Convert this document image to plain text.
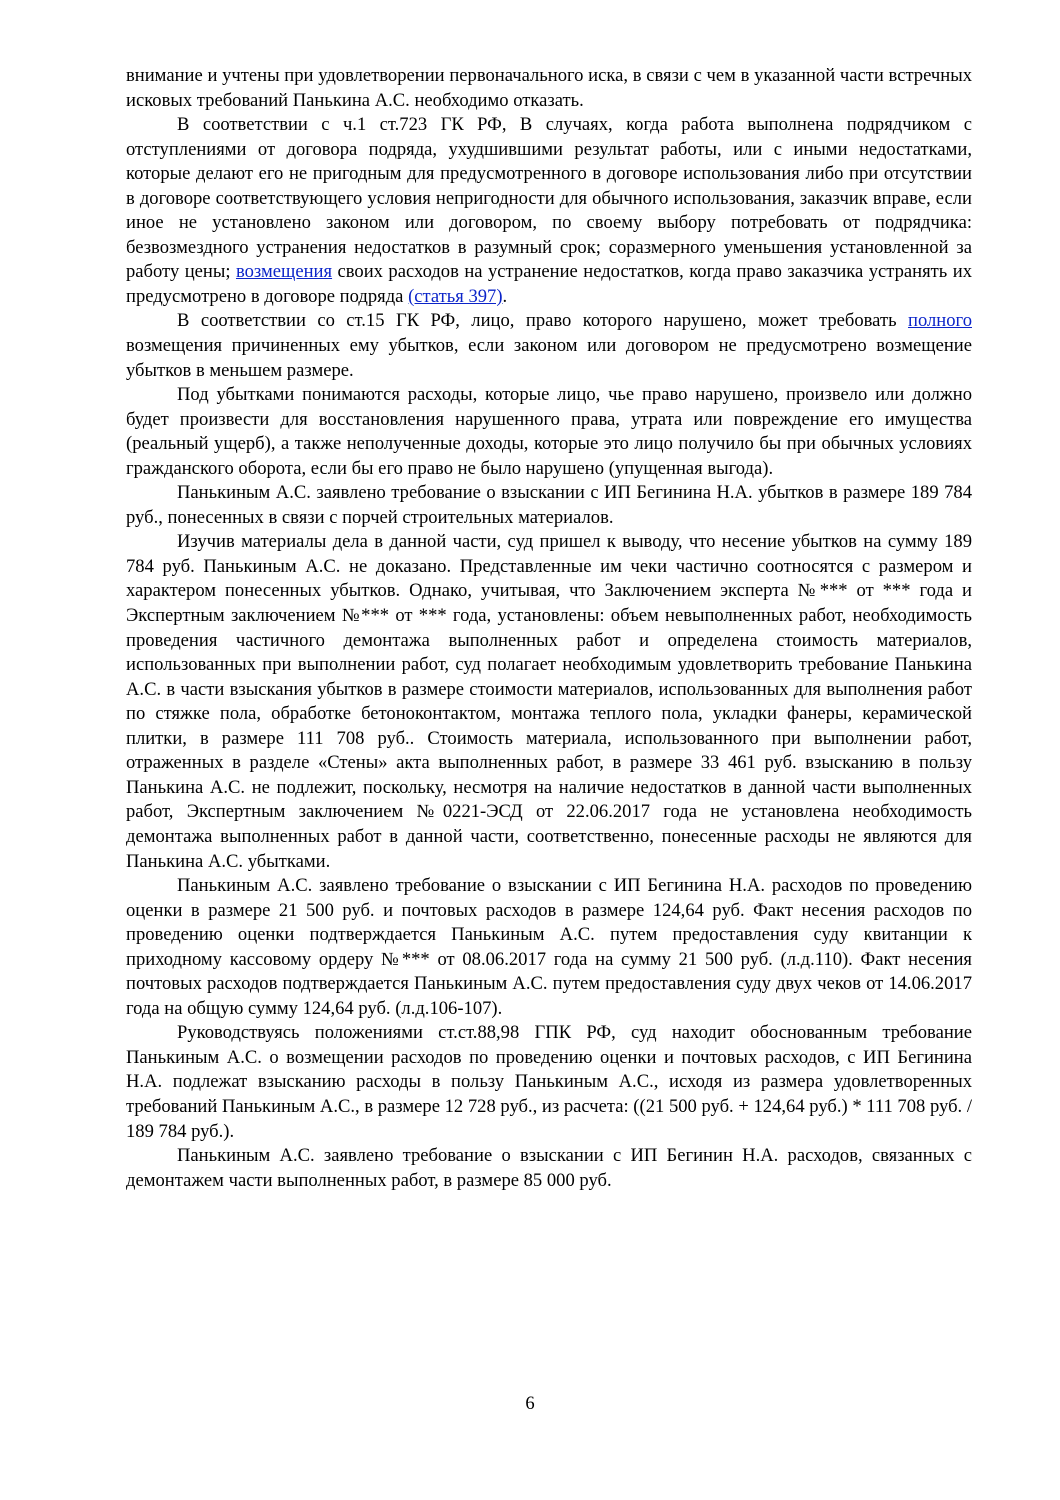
внимание и учтены при удовлетворении первоначального иска, в связи с чем в указанной части встречных исковых требований Панькина А.С. необходимо отказать.

В соответствии с ч.1 ст.723 ГК РФ, В случаях, когда работа выполнена подрядчиком с отступлениями от договора подряда, ухудшившими результат работы, или с иными недостатками, которые делают его не пригодным для предусмотренного в договоре использования либо при отсутствии в договоре соответствующего условия непригодности для обычного использования, заказчик вправе, если иное не установлено законом или договором, по своему выбору потребовать от подрядчика: безвозмездного устранения недостатков в разумный срок; соразмерного уменьшения установленной за работу цены; возмещения своих расходов на устранение недостатков, когда право заказчика устранять их предусмотрено в договоре подряда (статья 397).

В соответствии со ст.15 ГК РФ, лицо, право которого нарушено, может требовать полного возмещения причиненных ему убытков, если законом или договором не предусмотрено возмещение убытков в меньшем размере.

Под убытками понимаются расходы, которые лицо, чье право нарушено, произвело или должно будет произвести для восстановления нарушенного права, утрата или повреждение его имущества (реальный ущерб), а также неполученные доходы, которые это лицо получило бы при обычных условиях гражданского оборота, если бы его право не было нарушено (упущенная выгода).

Панькиным А.С. заявлено требование о взыскании с ИП Бегинина Н.А. убытков в размере 189 784 руб., понесенных в связи с порчей строительных материалов.

Изучив материалы дела в данной части, суд пришел к выводу, что несение убытков на сумму 189 784 руб. Панькиным А.С. не доказано. Представленные им чеки частично соотносятся с размером и характером понесенных убытков. Однако, учитывая, что Заключением эксперта №*** от *** года и Экспертным заключением №*** от *** года, установлены: объем невыполненных работ, необходимость проведения частичного демонтажа выполненных работ и определена стоимость материалов, использованных при выполнении работ, суд полагает необходимым удовлетворить требование Панькина А.С. в части взыскания убытков в размере стоимости материалов, использованных для выполнения работ по стяжке пола, обработке бетоноконтактом, монтажа теплого пола, укладки фанеры, керамической плитки, в размере 111 708 руб.. Стоимость материала, использованного при выполнении работ, отраженных в разделе «Стены» акта выполненных работ, в размере 33 461 руб. взысканию в пользу Панькина А.С. не подлежит, поскольку, несмотря на наличие недостатков в данной части выполненных работ, Экспертным заключением №0221-ЭСД от 22.06.2017 года не установлена необходимость демонтажа выполненных работ в данной части, соответственно, понесенные расходы не являются для Панькина А.С. убытками.

Панькиным А.С. заявлено требование о взыскании с ИП Бегинина Н.А. расходов по проведению оценки в размере 21 500 руб. и почтовых расходов в размере 124,64 руб. Факт несения расходов по проведению оценки подтверждается Панькиным А.С. путем предоставления суду квитанции к приходному кассовому ордеру №*** от 08.06.2017 года на сумму 21 500 руб. (л.д.110). Факт несения почтовых расходов подтверждается Панькиным А.С. путем предоставления суду двух чеков от 14.06.2017 года на общую сумму 124,64 руб. (л.д.106-107).

Руководствуясь положениями ст.ст.88,98 ГПК РФ, суд находит обоснованным требование Панькиным А.С. о возмещении расходов по проведению оценки и почтовых расходов, с ИП Бегинина Н.А. подлежат взысканию расходы в пользу Панькиным А.С., исходя из размера удовлетворенных требований Панькиным А.С., в размере 12 728 руб., из расчета: ((21 500 руб. + 124,64 руб.) * 111 708 руб. / 189 784 руб.).

Панькиным А.С. заявлено требование о взыскании с ИП Бегинин Н.А. расходов, связанных с демонтажем части выполненных работ, в размере 85 000 руб.

6
